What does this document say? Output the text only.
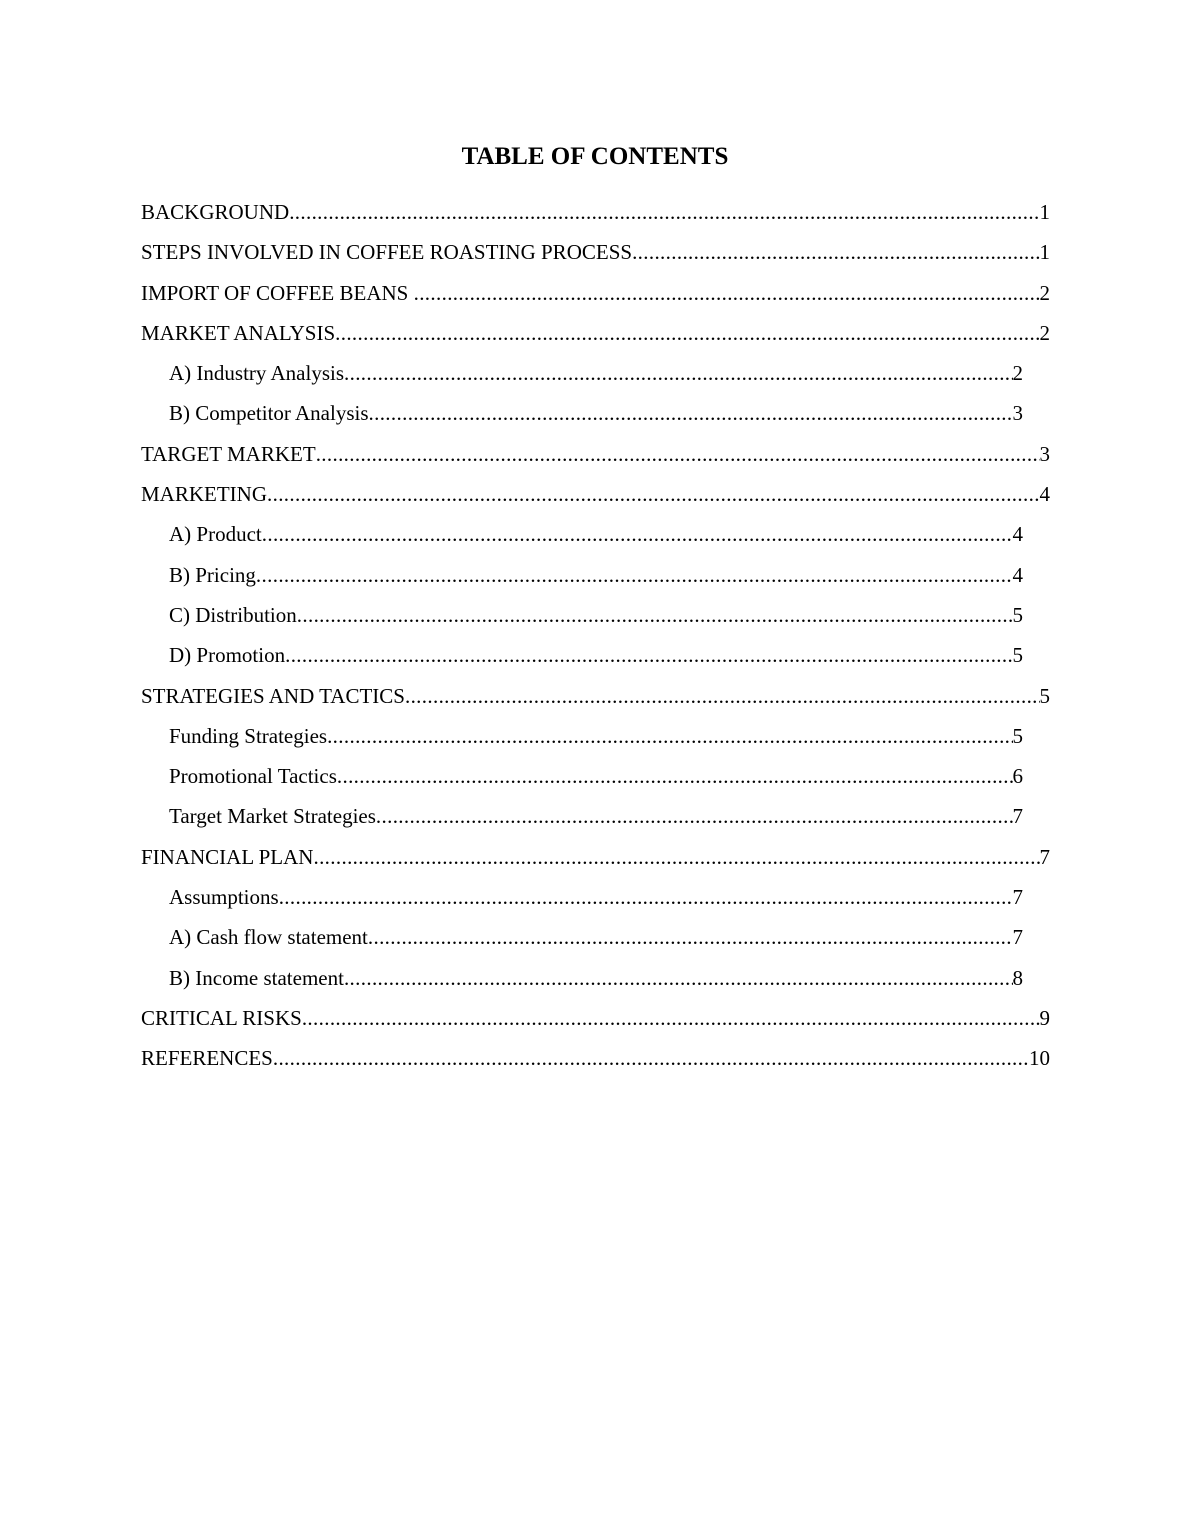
TABLE OF CONTENTS
BACKGROUND .....	1
STEPS INVOLVED IN COFFEE ROASTING PROCESS .....	1
IMPORT OF COFFEE BEANS .....	2
MARKET ANALYSIS .....	2
A) Industry Analysis .....	2
B) Competitor Analysis .....	3
TARGET MARKET .....	3
MARKETING .....	4
A) Product .....	4
B) Pricing .....	4
C) Distribution .....	5
D) Promotion .....	5
STRATEGIES AND TACTICS .....	5
Funding Strategies .....	5
Promotional Tactics .....	6
Target Market Strategies .....	7
FINANCIAL PLAN .....	7
Assumptions .....	7
A) Cash flow statement .....	7
B) Income statement .....	8
CRITICAL RISKS .....	9
REFERENCES .....	10
